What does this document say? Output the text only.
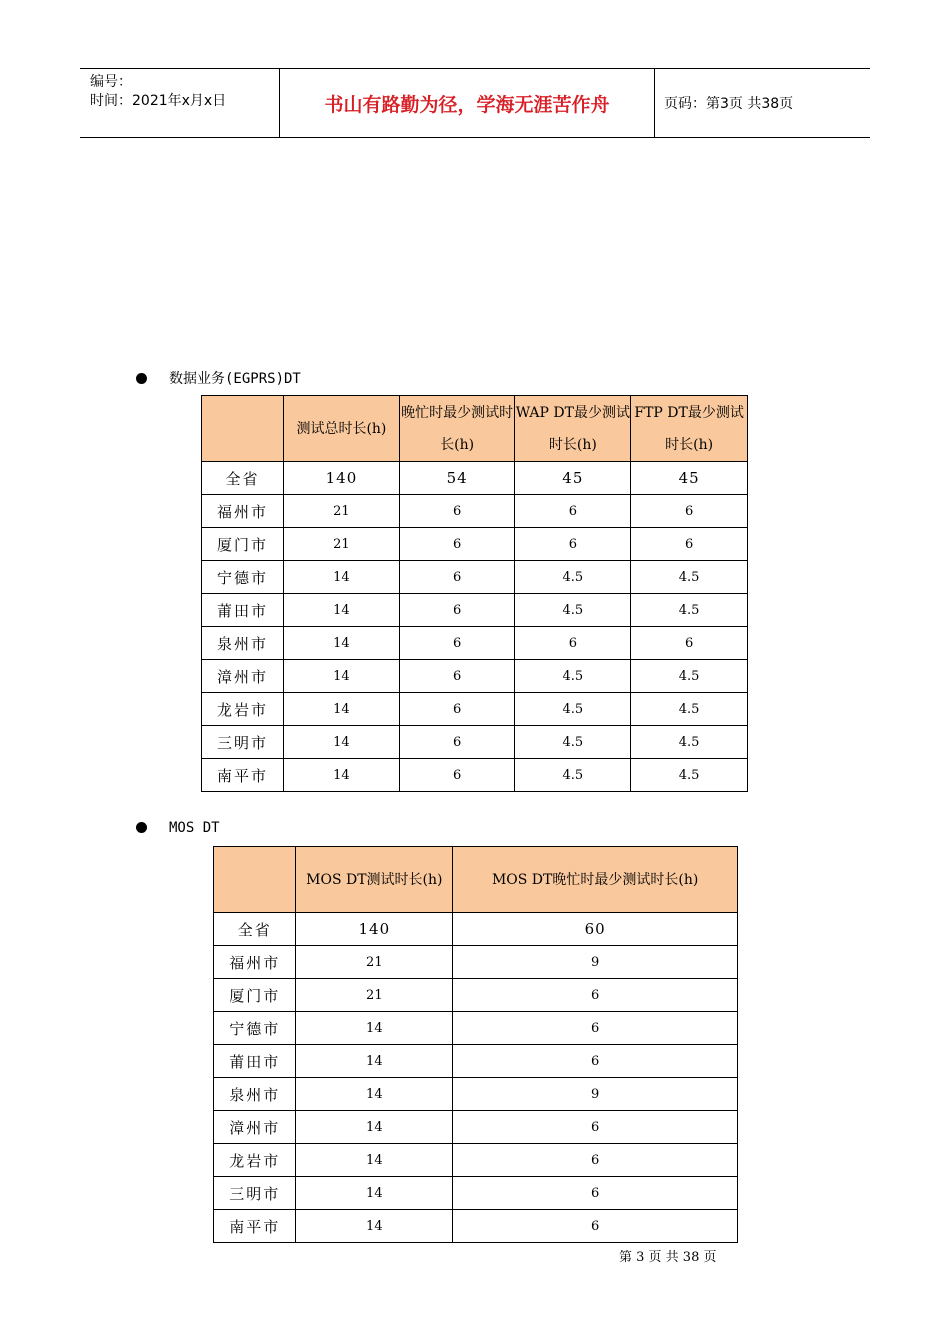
编号：
时间：2021年x月x日	书山有路勤为径，学海无涯苦作舟	页码：第3页 共38页
数据业务(EGPRS)DT
	测试总时长(h)	晚忙时最少测试时长(h)	WAP DT最少测试时长(h)	FTP DT最少测试时长(h)
全省	140	54	45	45
福州市	21	6	6	6
厦门市	21	6	6	6
宁德市	14	6	4.5	4.5
莆田市	14	6	4.5	4.5
泉州市	14	6	6	6
漳州市	14	6	4.5	4.5
龙岩市	14	6	4.5	4.5
三明市	14	6	4.5	4.5
南平市	14	6	4.5	4.5
MOS DT
	MOS DT测试时长(h)	MOS DT晚忙时最少测试时长(h)
全省	140	60
福州市	21	9
厦门市	21	6
宁德市	14	6
莆田市	14	6
泉州市	14	9
漳州市	14	6
龙岩市	14	6
三明市	14	6
南平市	14	6
第 3 页 共 38 页
